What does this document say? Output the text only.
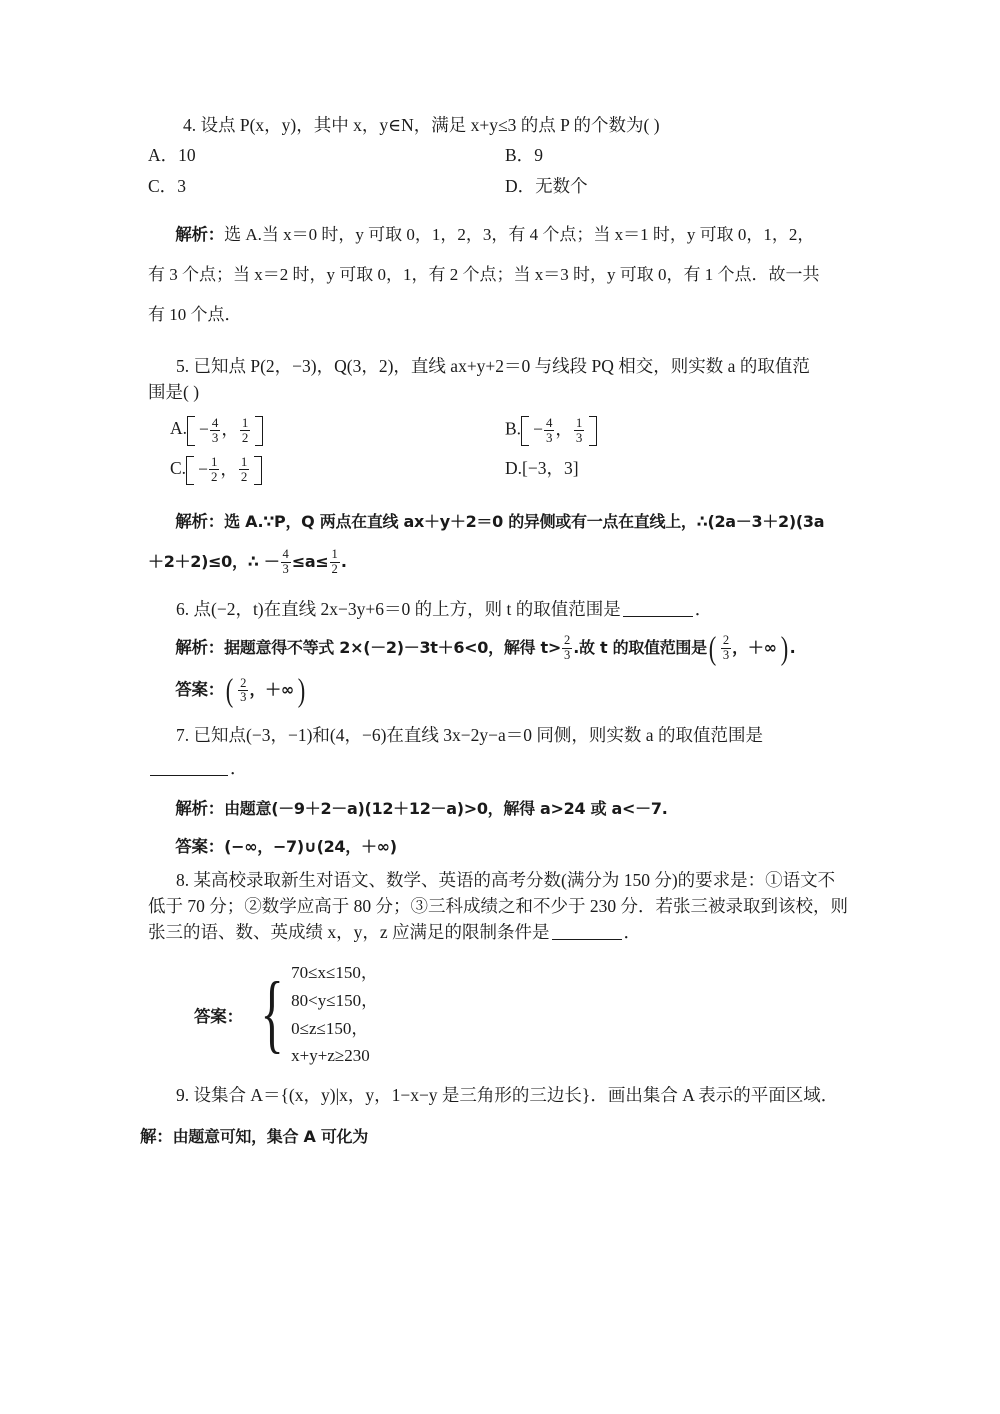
4. 设点 P(x，y)，其中 x，y∈N，满足 x+y≤3 的点 P 的个数为( )
A．10	B．9
C．3	D．无数个
解析：选 A.当 x＝0 时，y 可取 0，1，2，3，有 4 个点；当 x＝1 时，y 可取 0，1，2，
有 3 个点；当 x＝2 时，y 可取 0，1，有 2 个点；当 x＝3 时，y 可取 0，有 1 个点．故一共
有 10 个点．
5. 已知点 P(2，−3)，Q(3，2)，直线 ax+y+2＝0 与线段 PQ 相交，则实数 a 的取值范
围是( )
A. − $\frac{4}{3}$ ， $\frac{1}{2}$	B. − $\frac{4}{3}$ ， $\frac{1}{3}$
C. − $\frac{1}{2}$ ， $\frac{1}{2}$	D.[−3，3]
解析：选 A.∵P，Q 两点在直线 ax＋y＋2＝0 的异侧或有一点在直线上，∴(2a－3＋2)(3a
＋2＋2)≤0，∴ － $\frac{4}{3} \le a\le \frac{1}{2}$ .
6. 点(−2，t)在直线 2x−3y+6＝0 的上方，则 t 的取值范围是	．
解析：据题意得不等式 2×(－2)－3t＋6<0，解得 $t> \frac{2}{3}$ .故 t 的取值范围是 ( $\frac{2}{3}$ ，＋∞ ) .
答案： ( $\frac{2}{3}$ ，＋∞ )
7. 已知点(−3，−1)和(4，−6)在直线 3x−2y−a＝0 同侧，则实数 a 的取值范围是
．
解析：由题意(－9＋2－a)(12＋12－a)>0，解得 a>24 或 a<－7.
答案：(−∞，−7)∪(24，＋∞)
8. 某高校录取新生对语文、数学、英语的高考分数(满分为 150 分)的要求是：①语文不
低于 70 分；②数学应高于 80 分；③三科成绩之和不少于 230 分．若张三被录取到该校，则
张三的语、数、英成绩 x，y，z 应满足的限制条件是	．
答案： { 70≤x≤150，
80<y≤150，
0≤z≤150，
x+y+z≥230
9. 设集合 A＝{(x，y)|x，y，1−x−y 是三角形的三边长}．画出集合 A 表示的平面区域．
解：由题意可知，集合 A 可化为
